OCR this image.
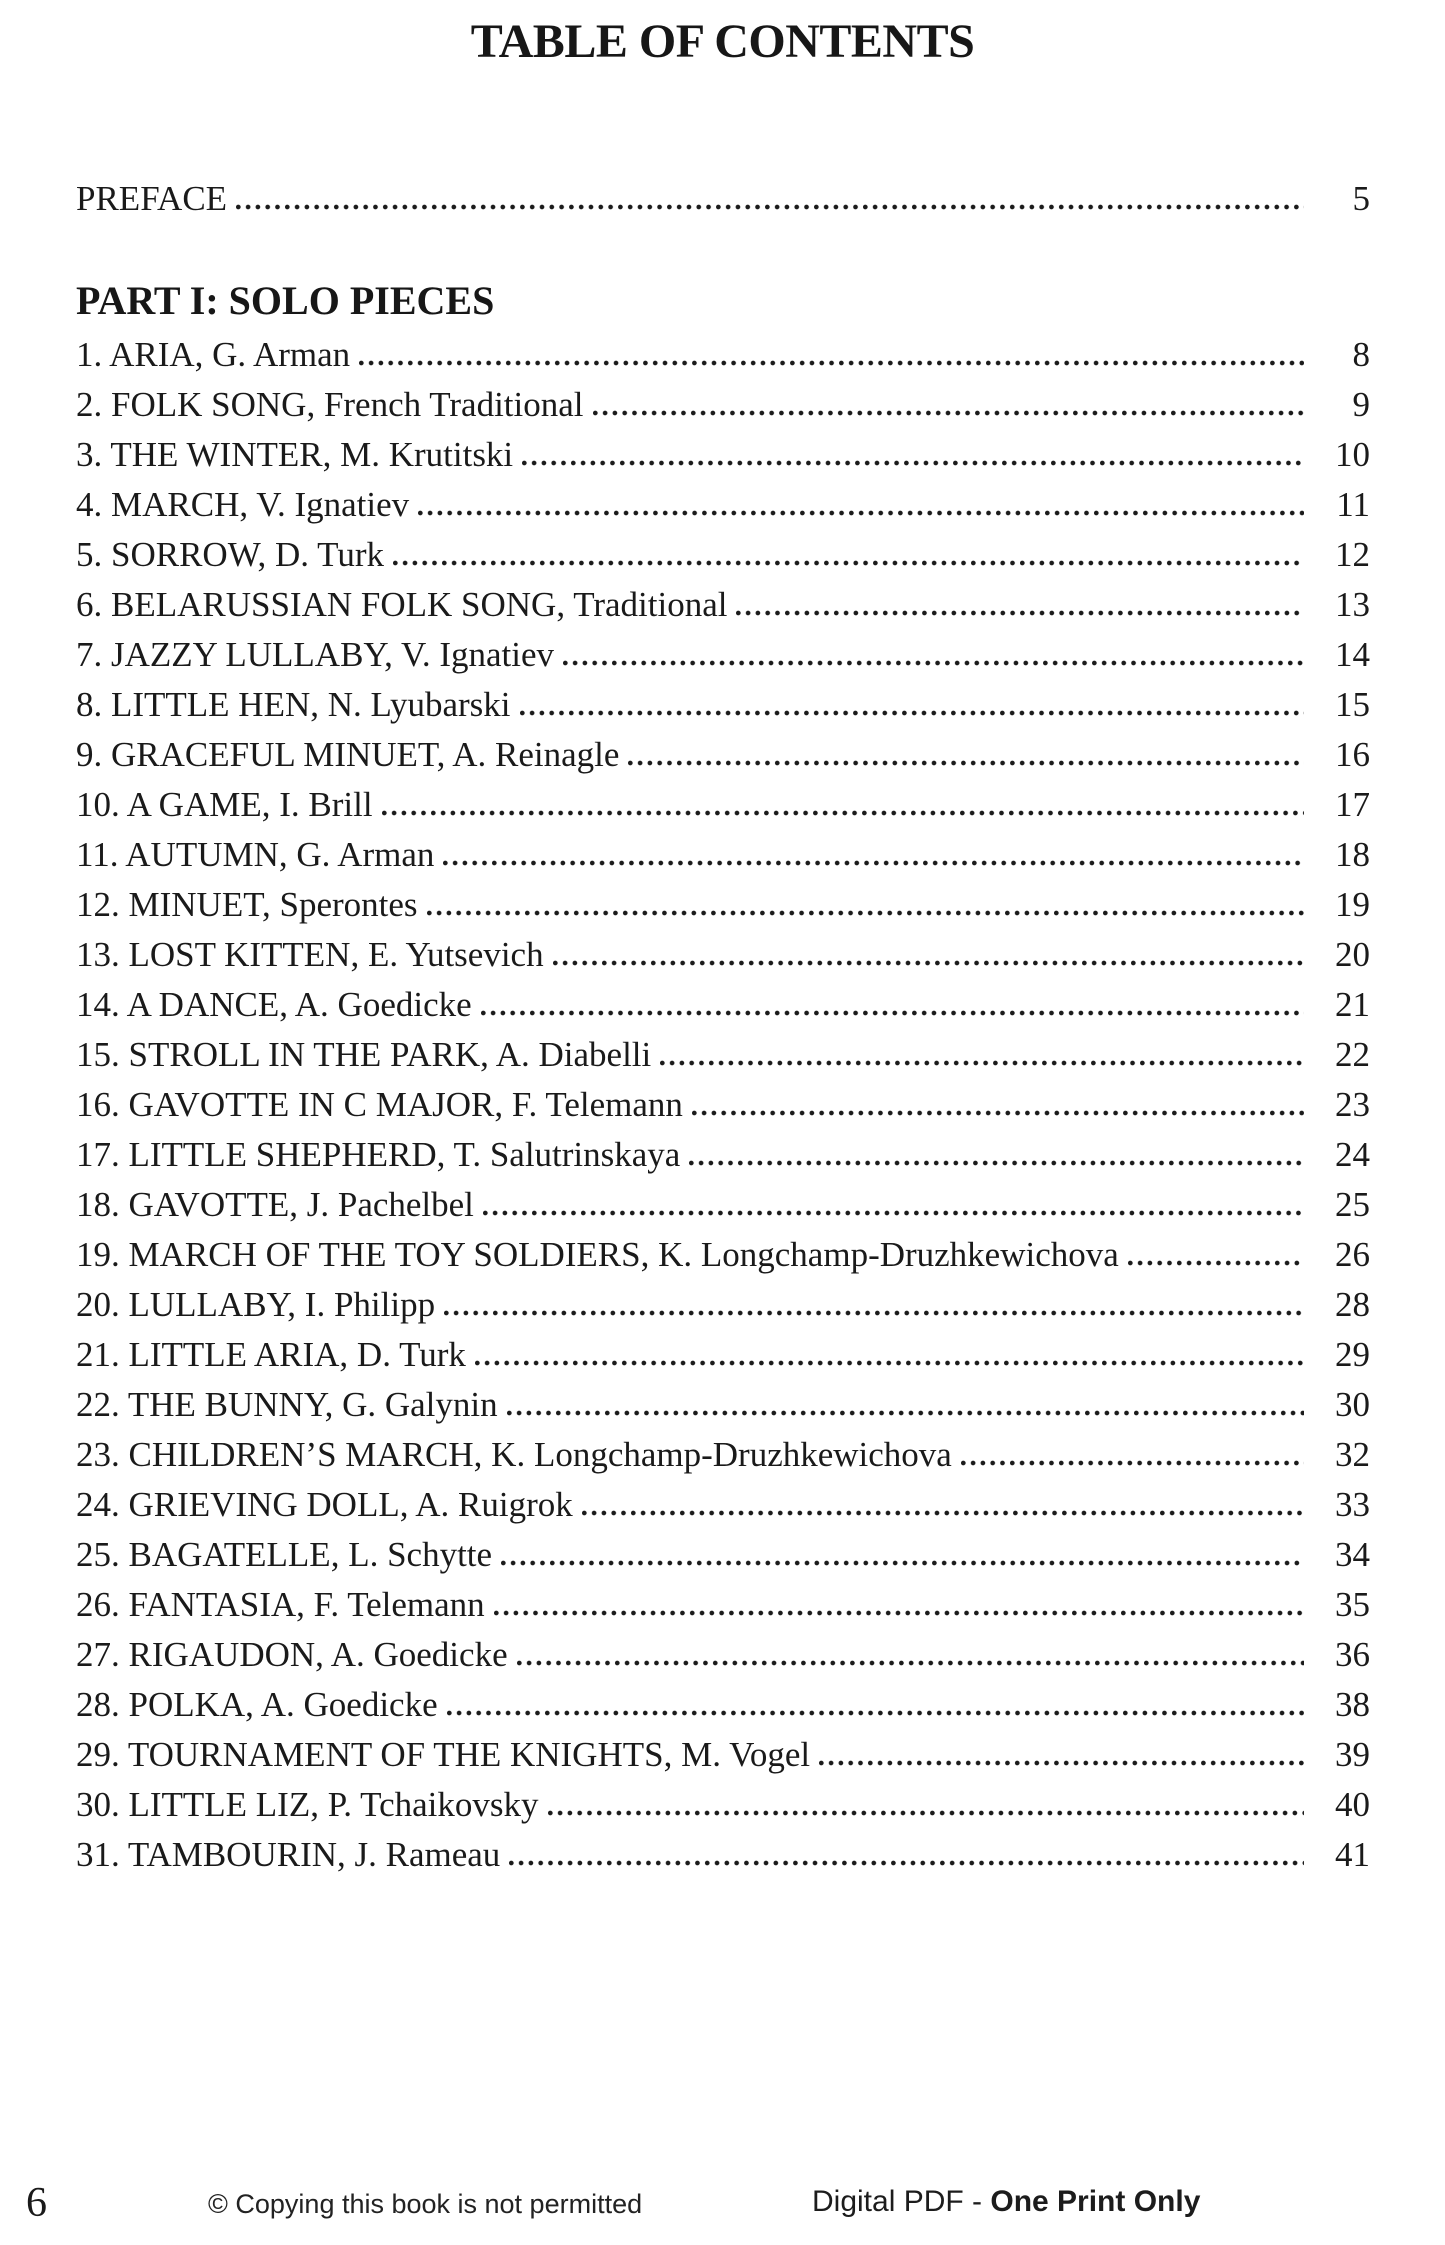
TABLE OF CONTENTS
PREFACE	5
PART I: SOLO PIECES
1. ARIA, G. Arman	8
2. FOLK SONG, French Traditional	9
3. THE WINTER, M. Krutitski	10
4. MARCH, V. Ignatiev	11
5. SORROW, D. Turk	12
6. BELARUSSIAN FOLK SONG, Traditional	13
7. JAZZY LULLABY, V. Ignatiev	14
8. LITTLE HEN, N. Lyubarski	15
9. GRACEFUL MINUET, A. Reinagle	16
10. A GAME, I. Brill	17
11. AUTUMN, G. Arman	18
12. MINUET, Sperontes	19
13. LOST KITTEN, E. Yutsevich	20
14. A DANCE, A. Goedicke	21
15. STROLL IN THE PARK, A. Diabelli	22
16. GAVOTTE IN C MAJOR, F. Telemann	23
17. LITTLE SHEPHERD, T. Salutrinskaya	24
18. GAVOTTE, J. Pachelbel	25
19. MARCH OF THE TOY SOLDIERS, K. Longchamp-Druzhkewichova	26
20. LULLABY, I. Philipp	28
21. LITTLE ARIA, D. Turk	29
22. THE BUNNY, G. Galynin	30
23. CHILDREN’S MARCH, K. Longchamp-Druzhkewichova	32
24. GRIEVING DOLL, A. Ruigrok	33
25. BAGATELLE, L. Schytte	34
26. FANTASIA, F. Telemann	35
27. RIGAUDON, A. Goedicke	36
28. POLKA, A. Goedicke	38
29. TOURNAMENT OF THE KNIGHTS, M. Vogel	39
30. LITTLE LIZ, P. Tchaikovsky	40
31. TAMBOURIN, J. Rameau	41
6	© Copying this book is not permitted	Digital PDF - One Print Only
